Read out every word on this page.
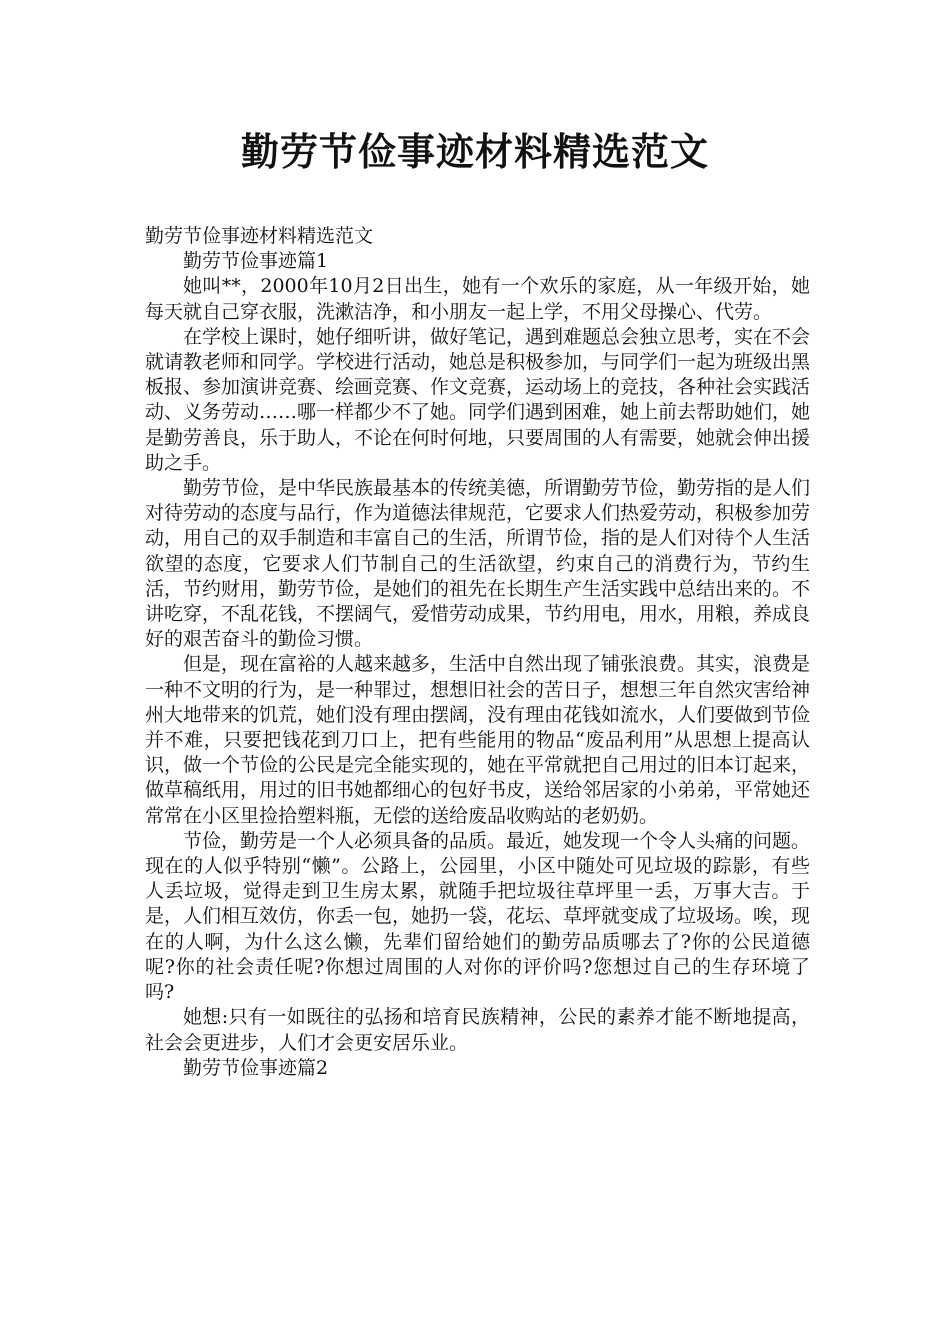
勤劳节俭事迹材料精选范文

勤劳节俭事迹材料精选范文

勤劳节俭事迹篇1

她叫**，2000年10月2日出生，她有一个欢乐的家庭，从一年级开始，她每天就自己穿衣服，洗漱洁净，和小朋友一起上学，不用父母操心、代劳。

在学校上课时，她仔细听讲，做好笔记，遇到难题总会独立思考，实在不会就请教老师和同学。学校进行活动，她总是积极参加，与同学们一起为班级出黑板报、参加演讲竞赛、绘画竞赛、作文竞赛，运动场上的竞技，各种社会实践活动、义务劳动……哪一样都少不了她。同学们遇到困难，她上前去帮助她们，她是勤劳善良，乐于助人，不论在何时何地，只要周围的人有需要，她就会伸出援助之手。

勤劳节俭，是中华民族最基本的传统美德，所谓勤劳节俭，勤劳指的是人们对待劳动的态度与品行，作为道德法律规范，它要求人们热爱劳动，积极参加劳动，用自己的双手制造和丰富自己的生活，所谓节俭，指的是人们对待个人生活欲望的态度，它要求人们节制自己的生活欲望，约束自己的消费行为，节约生活，节约财用，勤劳节俭，是她们的祖先在长期生产生活实践中总结出来的。不讲吃穿，不乱花钱，不摆阔气，爱惜劳动成果，节约用电，用水，用粮，养成良好的艰苦奋斗的勤俭习惯。

但是，现在富裕的人越来越多，生活中自然出现了铺张浪费。其实，浪费是一种不文明的行为，是一种罪过，想想旧社会的苦日子，想想三年自然灾害给神州大地带来的饥荒，她们没有理由摆阔，没有理由花钱如流水，人们要做到节俭并不难，只要把钱花到刀口上，把有些能用的物品“废品利用”从思想上提高认识，做一个节俭的公民是完全能实现的，她在平常就把自己用过的旧本订起来，做草稿纸用，用过的旧书她都细心的包好书皮，送给邻居家的小弟弟，平常她还常常在小区里捡拾塑料瓶，无偿的送给废品收购站的老奶奶。

节俭，勤劳是一个人必须具备的品质。最近，她发现一个令人头痛的问题。现在的人似乎特别“懒”。公路上，公园里，小区中随处可见垃圾的踪影，有些人丢垃圾，觉得走到卫生房太累，就随手把垃圾往草坪里一丢，万事大吉。于是，人们相互效仿，你丢一包，她扔一袋，花坛、草坪就变成了垃圾场。唉，现在的人啊，为什么这么懒，先辈们留给她们的勤劳品质哪去了?你的公民道德呢?你的社会责任呢?你想过周围的人对你的评价吗?您想过自己的生存环境了吗?

她想:只有一如既往的弘扬和培育民族精神，公民的素养才能不断地提高，社会会更进步，人们才会更安居乐业。

勤劳节俭事迹篇2
